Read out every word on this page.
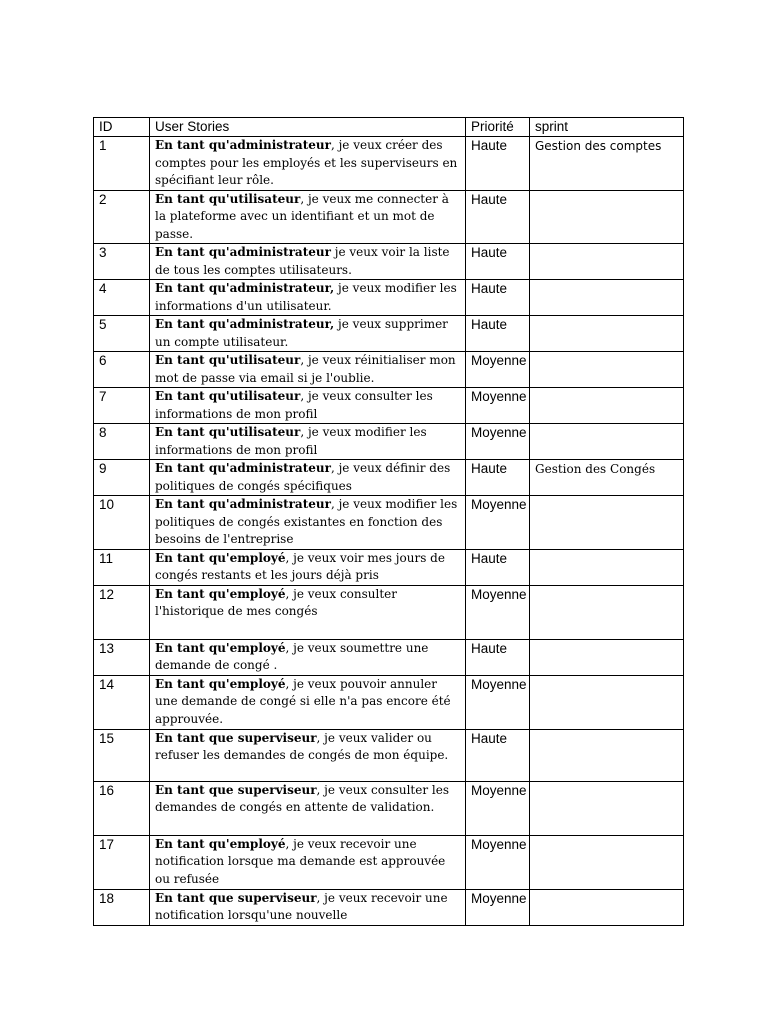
ID	User Stories	Priorité	sprint
1	En tant qu'administrateur, je veux créer des comptes pour les employés et les superviseurs en spécifiant leur rôle.	Haute	Gestion des comptes
2	En tant qu'utilisateur, je veux me connecter à la plateforme avec un identifiant et un mot de passe.	Haute	
3	En tant qu'administrateur je veux voir la liste de tous les comptes utilisateurs.	Haute	
4	En tant qu'administrateur, je veux modifier les informations d'un utilisateur.	Haute	
5	En tant qu'administrateur, je veux supprimer un compte utilisateur.	Haute	
6	En tant qu'utilisateur, je veux réinitialiser mon mot de passe via email si je l'oublie.	Moyenne	
7	En tant qu'utilisateur, je veux consulter les informations de mon profil	Moyenne	
8	En tant qu'utilisateur, je veux modifier les informations de mon profil	Moyenne	
9	En tant qu'administrateur, je veux définir des politiques de congés spécifiques	Haute	Gestion des Congés
10	En tant qu'administrateur, je veux modifier les politiques de congés existantes en fonction des besoins de l'entreprise	Moyenne	
11	En tant qu'employé, je veux voir mes jours de congés restants et les jours déjà pris	Haute	
12	En tant qu'employé, je veux consulter l'historique de mes congés	Moyenne	
13	En tant qu'employé, je veux soumettre une demande de congé .	Haute	
14	En tant qu'employé, je veux pouvoir annuler une demande de congé si elle n'a pas encore été approuvée.	Moyenne	
15	En tant que superviseur, je veux valider ou refuser les demandes de congés de mon équipe.	Haute	
16	En tant que superviseur, je veux consulter les demandes de congés en attente de validation.	Moyenne	
17	En tant qu'employé, je veux recevoir une notification lorsque ma demande est approuvée ou refusée	Moyenne	
18	En tant que superviseur, je veux recevoir une notification lorsqu'une nouvelle	Moyenne	
